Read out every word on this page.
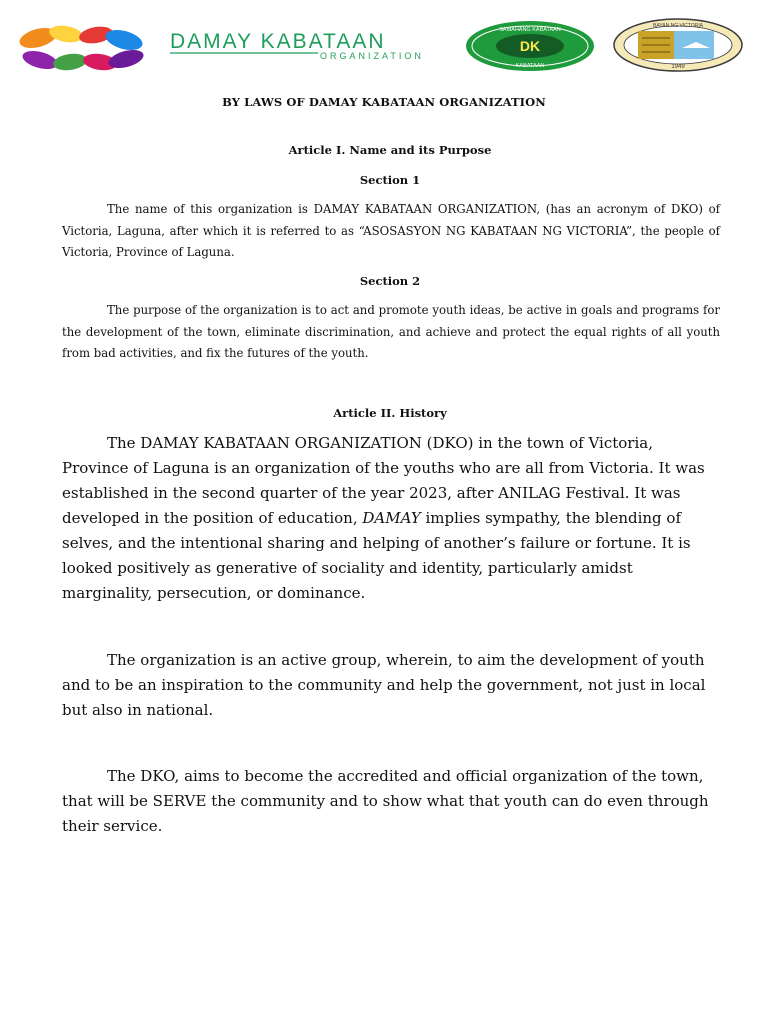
DAMAY KABATAAN
ORGANIZATION
DK
SAMAHANG KABATAAN
KABATAAN
BAYAN NG VICTORIA
1949
BY LAWS OF DAMAY KABATAAN ORGANIZATION
Article I. Name and its Purpose
Section 1

The name of this organization is DAMAY KABATAAN ORGANIZATION, (has an acronym of DKO) of Victoria, Laguna, after which it is referred to as “ASOSASYON NG KABATAAN NG VICTORIA”, the people of Victoria, Province of Laguna.

Section 2

The purpose of the organization is to act and promote youth ideas, be active in goals and programs for the development of the town, eliminate discrimination, and achieve and protect the equal rights of all youth from bad activities, and fix the futures of the youth.

Article II. History

The DAMAY KABATAAN ORGANIZATION (DKO) in the town of Victoria, Province of Laguna is an organization of the youths who are all from Victoria. It was established in the second quarter of the year 2023, after ANILAG Festival. It was developed in the position of education, DAMAY implies sympathy, the blending of selves, and the intentional sharing and helping of another’s failure or fortune. It is looked positively as generative of sociality and identity, particularly amidst marginality, persecution, or dominance.

The organization is an active group, wherein, to aim the development of youth and to be an inspiration to the community and help the government, not just in local but also in national.

The DKO, aims to become the accredited and official organization of the town, that will be SERVE the community and to show what that youth can do even through their service.
